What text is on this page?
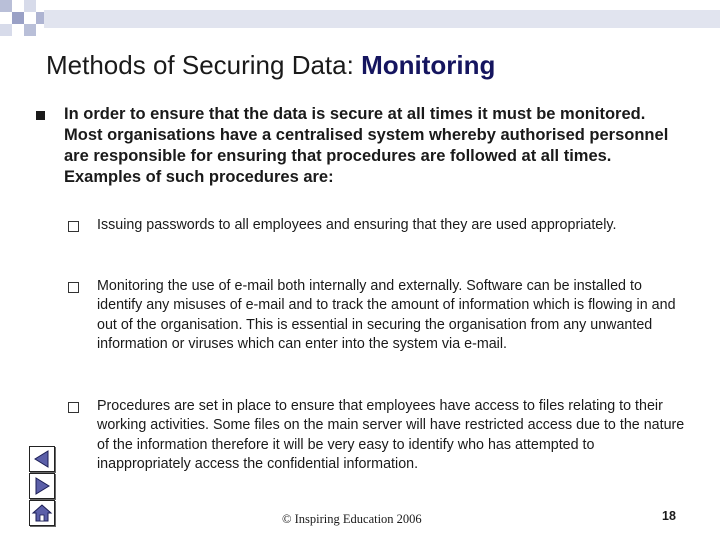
Methods of Securing Data: Monitoring
In order to ensure that the data is secure at all times it must be monitored. Most organisations have a centralised system whereby authorised personnel are responsible for ensuring that procedures are followed at all times. Examples of such procedures are:
Issuing passwords to all employees and ensuring that they are used appropriately.
Monitoring the use of e-mail both internally and externally. Software can be installed to identify any misuses of e-mail and to track the amount of information which is flowing in and out of the organisation. This is essential in securing the organisation from any unwanted information or viruses which can enter into the system via e-mail.
Procedures are set in place to ensure that employees have access to files relating to their working activities. Some files on the main server will have restricted access due to the nature of the information therefore it will be very easy to identify who has attempted to inappropriately access the confidential information.
© Inspiring Education 2006	18
